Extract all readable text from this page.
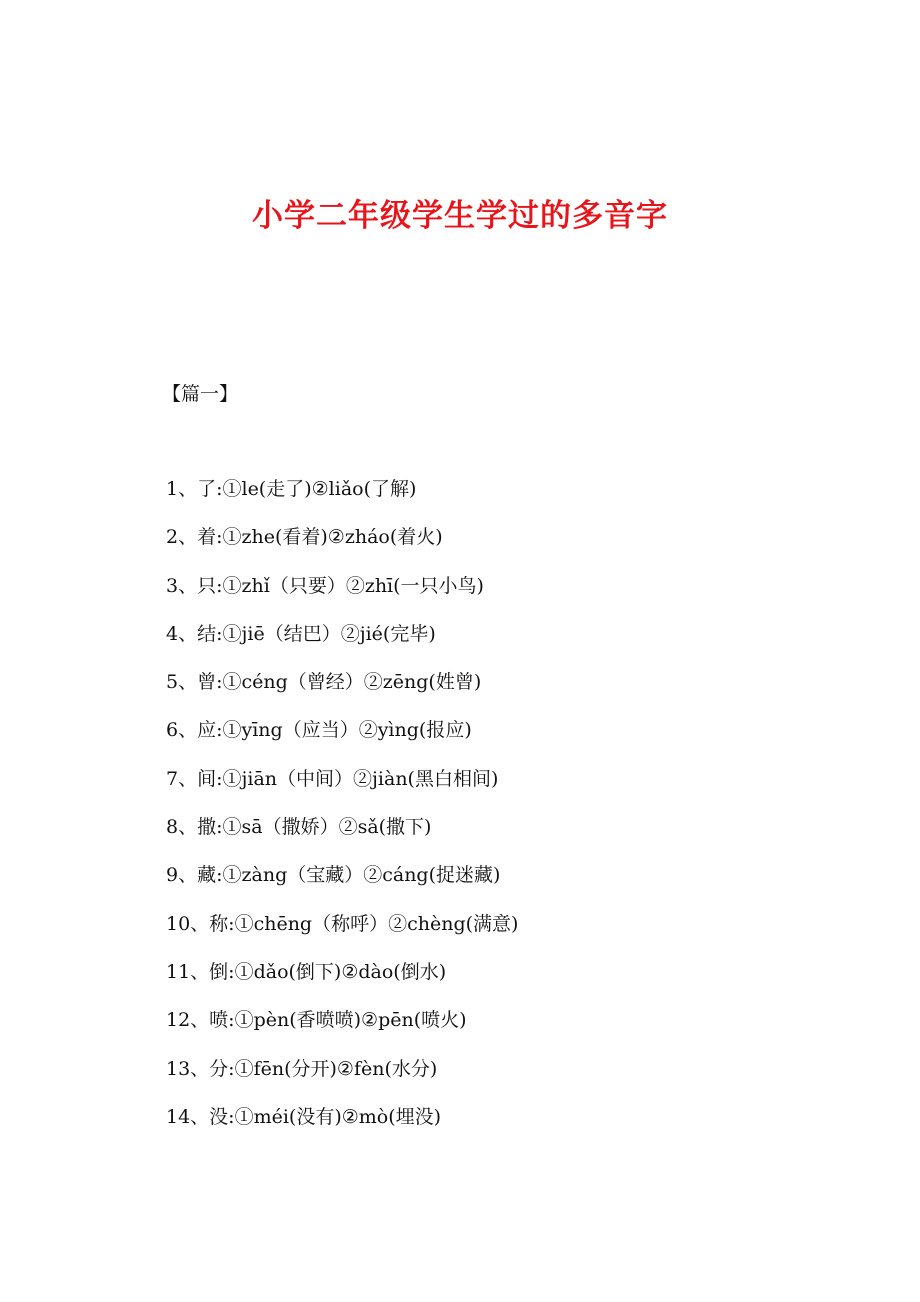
小学二年级学生学过的多音字
【篇一】
1、了:①le(走了)②liǎo(了解)
2、着:①zhe(看着)②zháo(着火)
3、只:①zhǐ（只要）②zhī(一只小鸟)
4、结:①jiē（结巴）②jié(完毕)
5、曾:①céng（曾经）②zēng(姓曾)
6、应:①yīng（应当）②yìng(报应)
7、间:①jiān（中间）②jiàn(黑白相间)
8、撒:①sā（撒娇）②sǎ(撒下)
9、藏:①zàng（宝藏）②cáng(捉迷藏)
10、称:①chēng（称呼）②chèng(满意)
11、倒:①dǎo(倒下)②dào(倒水)
12、喷:①pèn(香喷喷)②pēn(喷火)
13、分:①fēn(分开)②fèn(水分)
14、没:①méi(没有)②mò(埋没)
